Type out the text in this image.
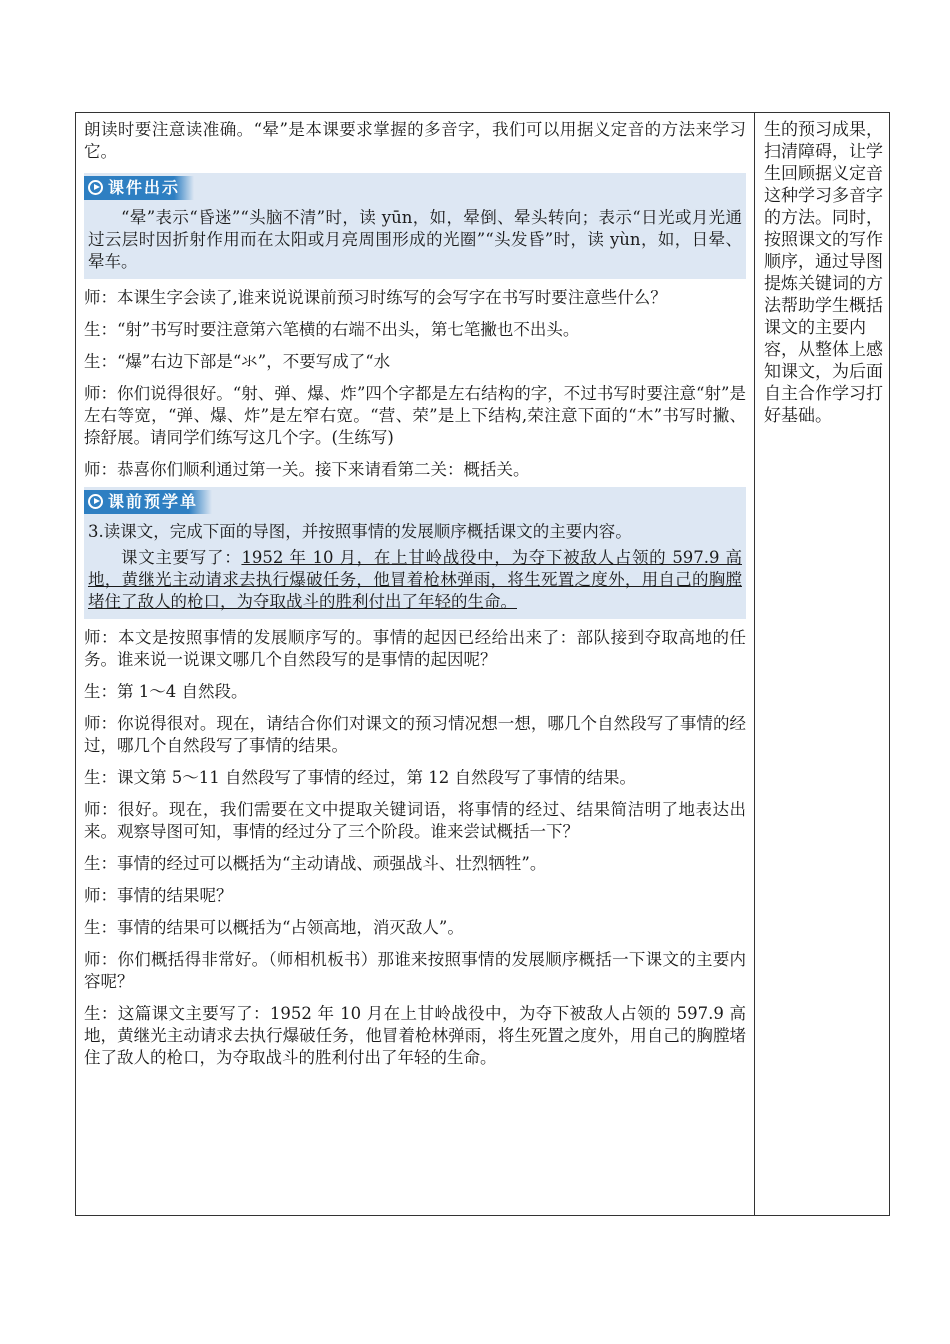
朗读时要注意读准确。“晕”是本课要求掌握的多音字，我们可以用据义定音的方法来学习它。

课件出示

“晕”表示“昏迷”“头脑不清”时，读 yūn，如，晕倒、晕头转向；表示“日光或月光通过云层时因折射作用而在太阳或月亮周围形成的光圈”“头发昏”时，读 yùn，如，日晕、晕车。

师：本课生字会读了,谁来说说课前预习时练写的会写字在书写时要注意些什么？

生：“射”书写时要注意第六笔横的右端不出头，第七笔撇也不出头。

生：“爆”右边下部是“氺”，不要写成了“水

师：你们说得很好。“射、弹、爆、炸”四个字都是左右结构的字，不过书写时要注意“射”是左右等宽，“弹、爆、炸”是左窄右宽。“营、荣”是上下结构,荣注意下面的“木”书写时撇、捺舒展。请同学们练写这几个字。(生练写)

师：恭喜你们顺利通过第一关。接下来请看第二关：概括关。

课前预学单

3.读课文，完成下面的导图，并按照事情的发展顺序概括课文的主要内容。

课文主要写了：1952 年 10 月，在上甘岭战役中，为夺下被敌人占领的 597.9 高地，黄继光主动请求去执行爆破任务，他冒着枪林弹雨，将生死置之度外，用自己的胸膛堵住了敌人的枪口，为夺取战斗的胜利付出了年轻的生命。

师：本文是按照事情的发展顺序写的。事情的起因已经给出来了：部队接到夺取高地的任务。谁来说一说课文哪几个自然段写的是事情的起因呢？

生：第 1～4 自然段。

师：你说得很对。现在，请结合你们对课文的预习情况想一想，哪几个自然段写了事情的经过，哪几个自然段写了事情的结果。

生：课文第 5～11 自然段写了事情的经过，第 12 自然段写了事情的结果。

师：很好。现在，我们需要在文中提取关键词语，将事情的经过、结果简洁明了地表达出来。观察导图可知，事情的经过分了三个阶段。谁来尝试概括一下？

生：事情的经过可以概括为“主动请战、顽强战斗、壮烈牺牲”。

师：事情的结果呢？

生：事情的结果可以概括为“占领高地，消灭敌人”。

师：你们概括得非常好。（师相机板书）那谁来按照事情的发展顺序概括一下课文的主要内容呢？

生：这篇课文主要写了：1952 年 10 月在上甘岭战役中，为夺下被敌人占领的 597.9 高地，黄继光主动请求去执行爆破任务，他冒着枪林弹雨，将生死置之度外，用自己的胸膛堵住了敌人的枪口，为夺取战斗的胜利付出了年轻的生命。

生的预习成果，扫清障碍，让学生回顾据义定音这种学习多音字的方法。同时，按照课文的写作顺序，通过导图提炼关键词的方法帮助学生概括课文的主要内容，从整体上感知课文，为后面自主合作学习打好基础。
